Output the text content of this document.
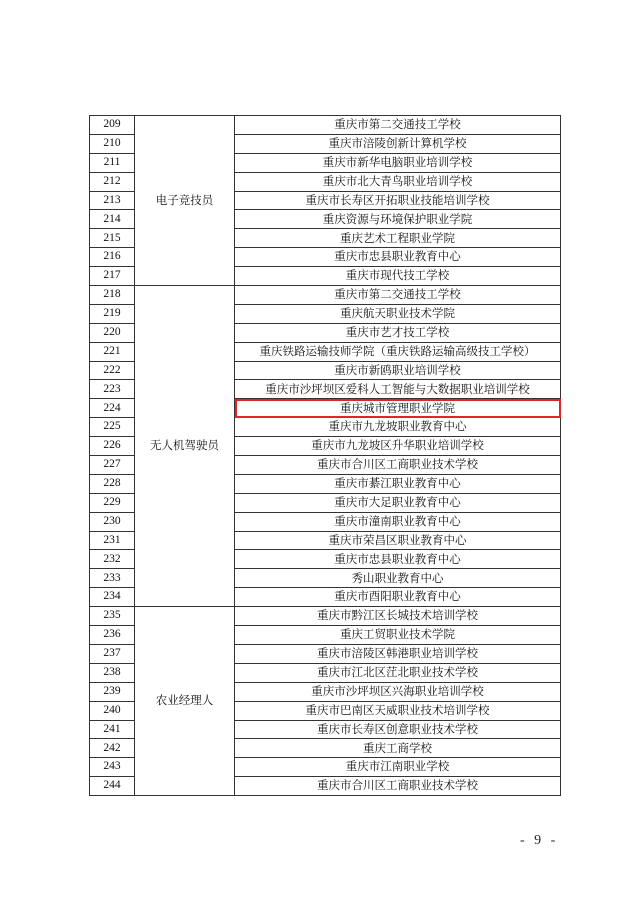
209	电子竞技员	重庆市第二交通技工学校
210		重庆市涪陵创新计算机学校
211		重庆市新华电脑职业培训学校
212		重庆市北大青鸟职业培训学校
213		重庆市长寿区开拓职业技能培训学校
214		重庆资源与环境保护职业学院
215		重庆艺术工程职业学院
216		重庆市忠县职业教育中心
217		重庆市现代技工学校
218	无人机驾驶员	重庆市第二交通技工学校
219		重庆航天职业技术学院
220		重庆市艺才技工学校
221		重庆铁路运输技师学院（重庆铁路运输高级技工学校）
222		重庆市新鸥职业培训学校
223		重庆市沙坪坝区爱科人工智能与大数据职业培训学校
224		重庆城市管理职业学院
225		重庆市九龙坡职业教育中心
226		重庆市九龙坡区升华职业培训学校
227		重庆市合川区工商职业技术学校
228		重庆市綦江职业教育中心
229		重庆市大足职业教育中心
230		重庆市潼南职业教育中心
231		重庆市荣昌区职业教育中心
232		重庆市忠县职业教育中心
233		秀山职业教育中心
234		重庆市酉阳职业教育中心
235	农业经理人	重庆市黔江区长城技术培训学校
236		重庆工贸职业技术学院
237		重庆市涪陵区韩港职业培训学校
238		重庆市江北区茳北职业技术学校
239		重庆市沙坪坝区兴海职业培训学校
240		重庆市巴南区天威职业技术培训学校
241		重庆市长寿区创意职业技术学校
242		重庆工商学校
243		重庆市江南职业学校
244		重庆市合川区工商职业技术学校
- 9 -
